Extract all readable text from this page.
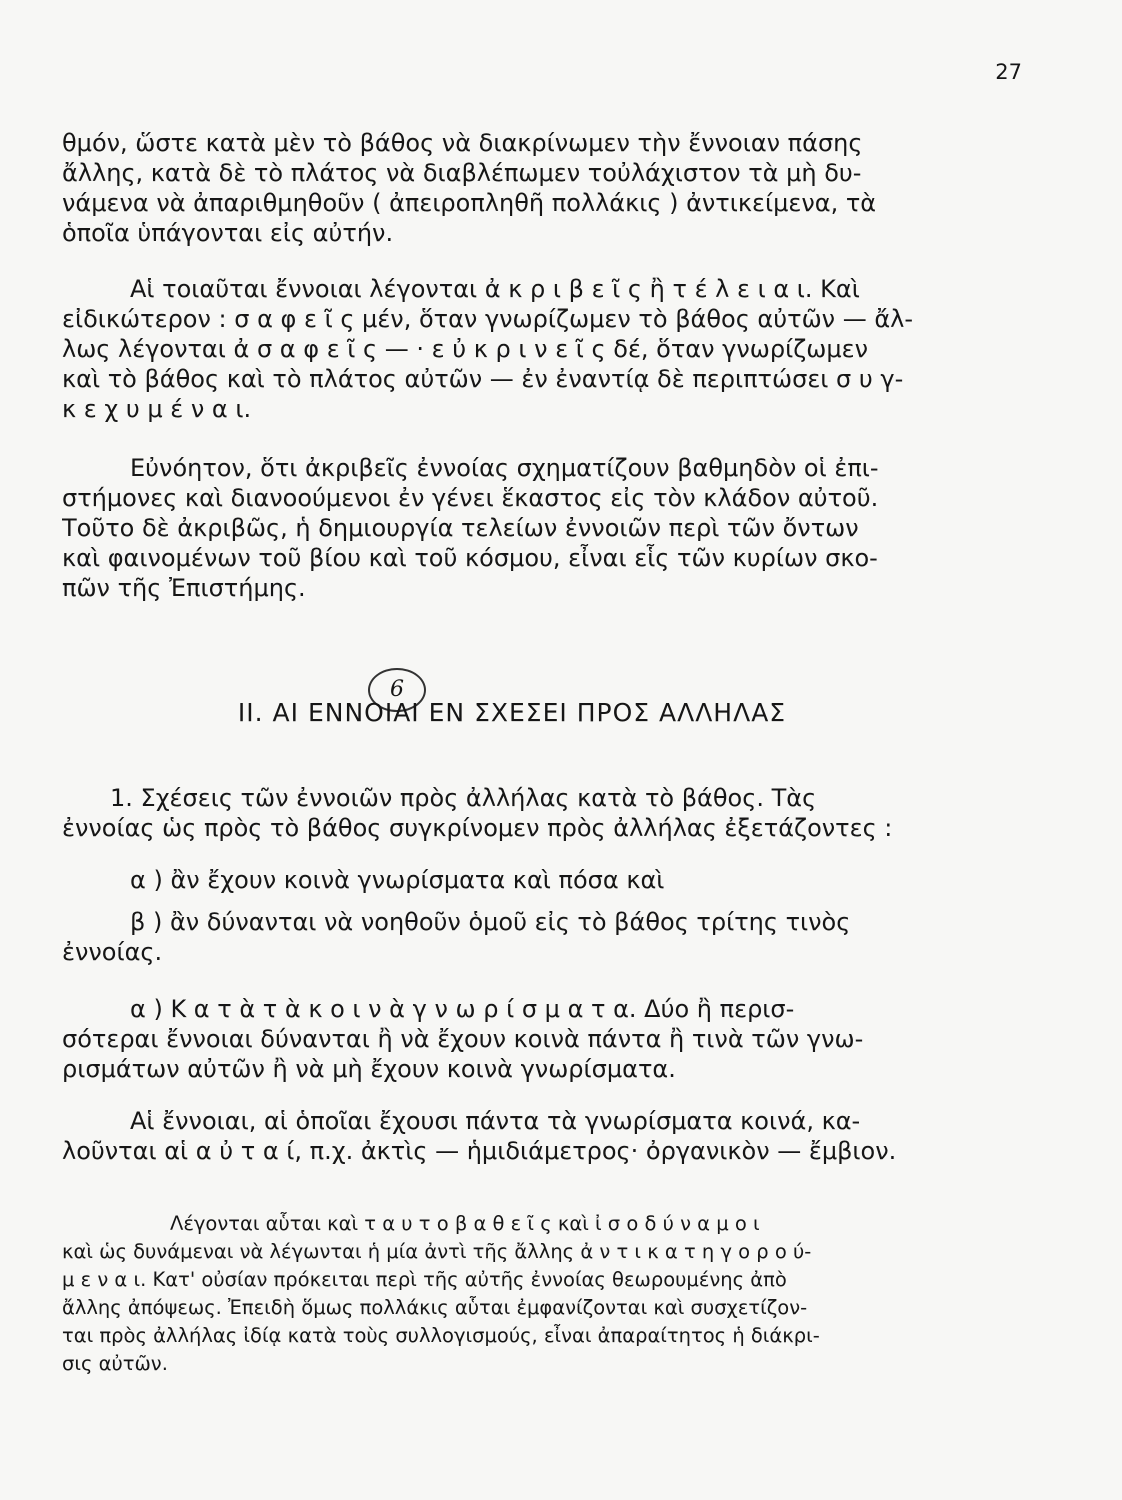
27
θμόν, ὥστε κατὰ μὲν τὸ βάθος νὰ διακρίνωμεν τὴν ἔννοιαν πάσης
ἄλλης, κατὰ δὲ τὸ πλάτος νὰ διαβλέπωμεν τοὐλάχιστον τὰ μὴ δυ-
νάμενα νὰ ἀπαριθμηθοῦν ( ἀπειροπληθῆ πολλάκις ) ἀντικείμενα, τὰ
ὁποῖα ὑπάγονται εἰς αὐτήν.
Αἱ τοιαῦται ἔννοιαι λέγονται ἀ κ ρ ι β ε ῖ ς ἢ τ έ λ ε ι α ι. Καὶ
εἰδικώτερον : σ α φ ε ῖ ς μέν, ὅταν γνωρίζωμεν τὸ βάθος αὐτῶν — ἄλ-
λως λέγονται ἀ σ α φ ε ῖ ς — · ε ὐ κ ρ ι ν ε ῖ ς δέ, ὅταν γνωρίζωμεν
καὶ τὸ βάθος καὶ τὸ πλάτος αὐτῶν — ἐν ἐναντίᾳ δὲ περιπτώσει σ υ γ-
κ ε χ υ μ έ ν α ι.
Εὐνόητον, ὅτι ἀκριβεῖς ἐννοίας σχηματίζουν βαθμηδὸν οἱ ἐπι-
στήμονες καὶ διανοούμενοι ἐν γένει ἕκαστος εἰς τὸν κλάδον αὐτοῦ.
Τοῦτο δὲ ἀκριβῶς, ἡ δημιουργία τελείων ἐννοιῶν περὶ τῶν ὄντων
καὶ φαινομένων τοῦ βίου καὶ τοῦ κόσμου, εἶναι εἷς τῶν κυρίων σκο-
πῶν τῆς Ἐπιστήμης.
6
ΙΙ. ΑΙ ΕΝΝΟΙΑΙ ΕΝ ΣΧΕΣΕΙ ΠΡΟΣ ΑΛΛΗΛΑΣ
1. Σχέσεις τῶν ἐννοιῶν πρὸς ἀλλήλας κατὰ τὸ βάθος. Τὰς
ἐννοίας ὡς πρὸς τὸ βάθος συγκρίνομεν πρὸς ἀλλήλας ἐξετάζοντες :
α ) ἂν ἔχουν κοινὰ γνωρίσματα καὶ πόσα καὶ
β ) ἂν δύνανται νὰ νοηθοῦν ὁμοῦ εἰς τὸ βάθος τρίτης τινὸς
ἐννοίας.
α ) Κ α τ ὰ τ ὰ κ ο ι ν ὰ γ ν ω ρ ί σ μ α τ α. Δύο ἢ περισ-
σότεραι ἔννοιαι δύνανται ἢ νὰ ἔχουν κοινὰ πάντα ἢ τινὰ τῶν γνω-
ρισμάτων αὐτῶν ἢ νὰ μὴ ἔχουν κοινὰ γνωρίσματα.
Αἱ ἔννοιαι, αἱ ὁποῖαι ἔχουσι πάντα τὰ γνωρίσματα κοινά, κα-
λοῦνται αἱ α ὐ τ α ί, π.χ. ἀκτὶς — ἡμιδιάμετρος· ὀργανικὸν — ἔμβιον.
Λέγονται αὗται καὶ τ α υ τ ο β α θ ε ῖ ς καὶ ἰ σ ο δ ύ ν α μ ο ι
καὶ ὡς δυνάμεναι νὰ λέγωνται ἡ μία ἀντὶ τῆς ἄλλης ἀ ν τ ι κ α τ η γ ο ρ ο ύ-
μ ε ν α ι. Κατ' οὐσίαν πρόκειται περὶ τῆς αὐτῆς ἐννοίας θεωρουμένης ἀπὸ
ἄλλης ἀπόψεως. Ἐπειδὴ ὅμως πολλάκις αὗται ἐμφανίζονται καὶ συσχετίζον-
ται πρὸς ἀλλήλας ἰδίᾳ κατὰ τοὺς συλλογισμούς, εἶναι ἀπαραίτητος ἡ διάκρι-
σις αὐτῶν.
